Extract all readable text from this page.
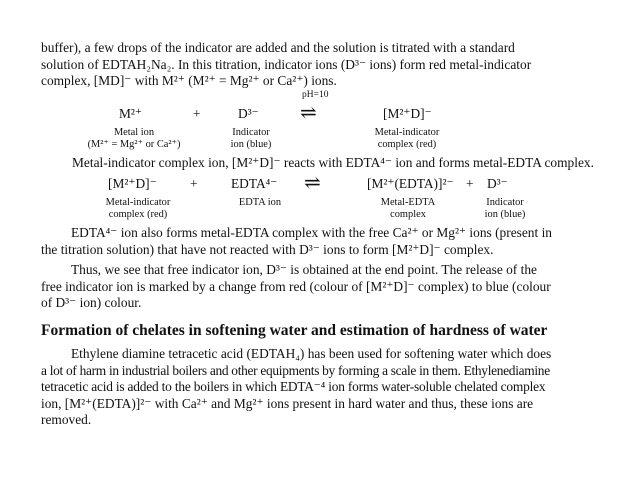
buffer), a few drops of the indicator are added and the solution is titrated with a standard
solution of EDTAH₂Na₂. In this titration, indicator ions (D³⁻ ions) form red metal-indicator
complex, [MD]⁻ with M²⁺ (M²⁺ = Mg²⁺ or Ca²⁺) ions.
pH=10
M²⁺	+	D³⁻ ⇌	[M²⁺D]⁻
Metal ion
(M²⁺ = Mg²⁺ or Ca²⁺)
Indicator
ion (blue)
Metal-indicator
complex (red)
Metal-indicator complex ion, [M²⁺D]⁻ reacts with EDTA⁴⁻ ion and forms metal-EDTA complex.
[M²⁺D]⁻ + EDTA⁴⁻ ⇌	[M²⁺(EDTA)]²⁻ + D³⁻
Metal-indicator
complex (red)
EDTA ion	Metal-EDTA
complex
Indicator
ion (blue)
EDTA⁴⁻ ion also forms metal-EDTA complex with the free Ca²⁺ or Mg²⁺ ions (present in
the titration solution) that have not reacted with D³⁻ ions to form [M²⁺D]⁻ complex.
Thus, we see that free indicator ion, D³⁻ is obtained at the end point. The release of the
free indicator ion is marked by a change from red (colour of [M²⁺D]⁻ complex) to blue (colour
of D³⁻ ion) colour.
Formation of chelates in softening water and estimation of hardness of water
Ethylene diamine tetracetic acid (EDTAH₄) has been used for softening water which does
a lot of harm in industrial boilers and other equipments by forming a scale in them. Ethylenediamine
tetracetic acid is added to the boilers in which EDTA⁻⁴ ion forms water-soluble chelated complex
ion, [M²⁺(EDTA)]²⁻ with Ca²⁺ and Mg²⁺ ions present in hard water and thus, these ions are
removed.
